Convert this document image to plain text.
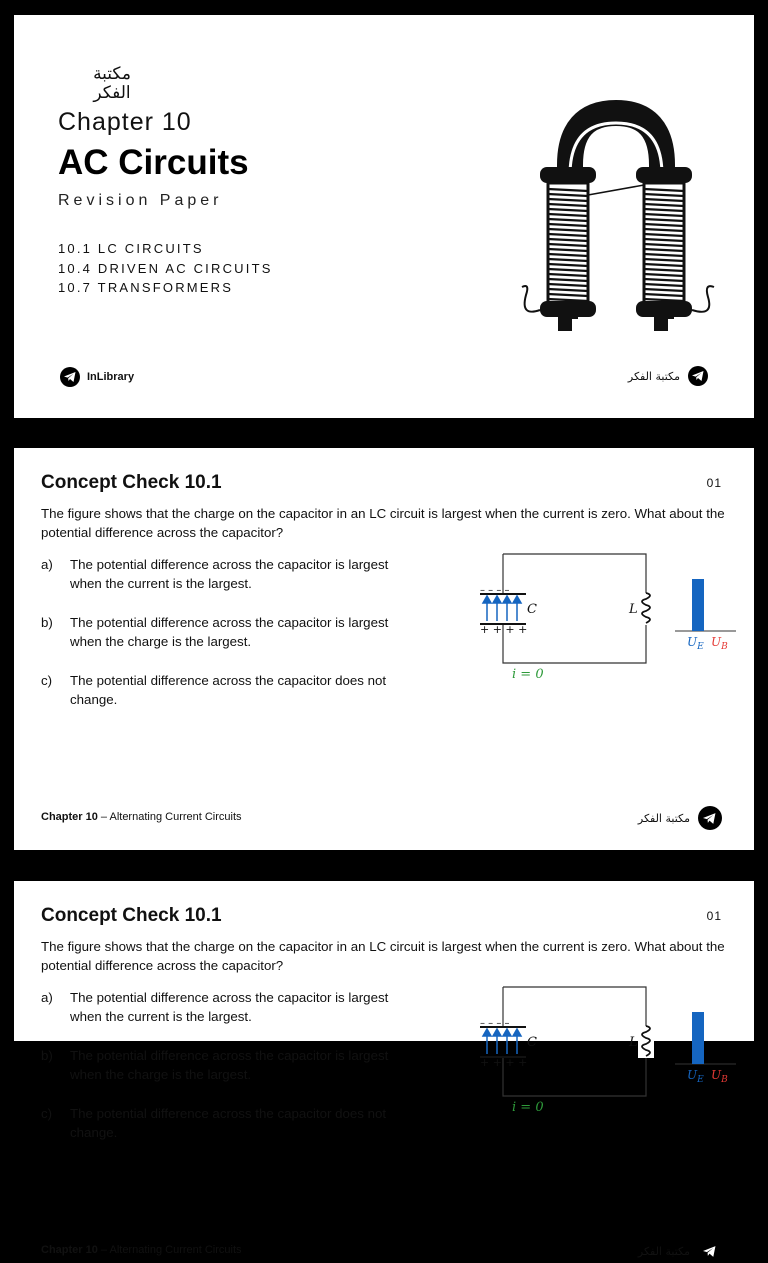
مكتبة
الفكر
Chapter 10
AC Circuits
Revision Paper
10.1 LC CIRCUITS
10.4 DRIVEN AC CIRCUITS
10.7 TRANSFORMERS
InLibrary	مكتبة الفكر
Concept Check 10.1	01
The figure shows that the charge on the capacitor in an LC circuit is largest when the current is zero. What about the potential difference across the capacitor?
a)	The potential difference across the capacitor is largest when the current is the largest.
b)	The potential difference across the capacitor is largest when the charge is the largest.
c)	The potential difference across the capacitor does not change.
– – – –
+ + + +
C	L
i = 0
$U_E$ $U_B$
Chapter 10 – Alternating Current Circuits	مكتبة الفكر
Concept Check 10.1	01
The figure shows that the charge on the capacitor in an LC circuit is largest when the current is zero. What about the potential difference across the capacitor?
a)	The potential difference across the capacitor is largest when the current is the largest.
b)	The potential difference across the capacitor is largest when the charge is the largest.
c)	The potential difference across the capacitor does not change.
– – – –
+ + + +
C	L
i = 0
$U_E$ $U_B$
Chapter 10 – Alternating Current Circuits	مكتبة الفكر
